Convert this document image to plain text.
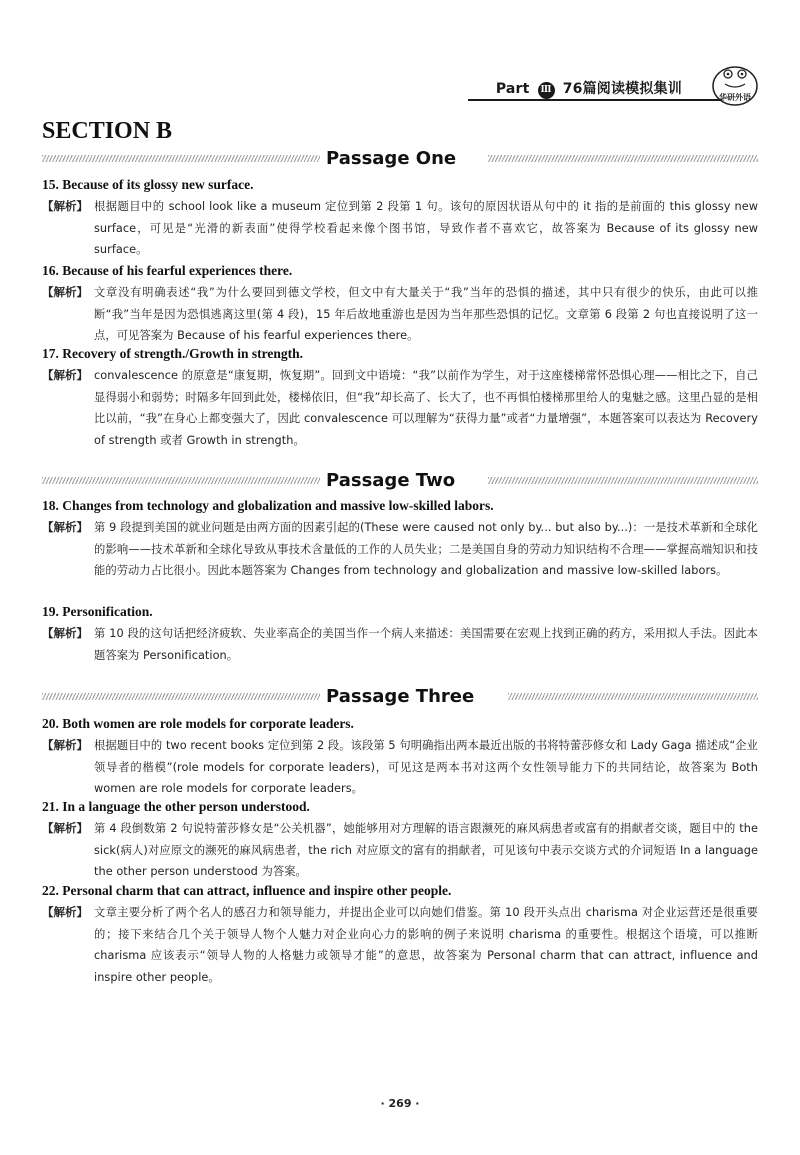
Part Ⅲ 76篇阅读模拟集训
华研外语
SECTION B
Passage One
15. Because of its glossy new surface.
【解析】 根据题目中的 school look like a museum 定位到第 2 段第 1 句。该句的原因状语从句中的 it 指的是前面的 this glossy new surface，可见是“光滑的新表面”使得学校看起来像个图书馆，导致作者不喜欢它，故答案为 Because of its glossy new surface。
16. Because of his fearful experiences there.
【解析】 文章没有明确表述“我”为什么要回到德文学校，但文中有大量关于“我”当年的恐惧的描述，其中只有很少的快乐，由此可以推断“我”当年是因为恐惧逃离这里(第 4 段)，15 年后故地重游也是因为当年那些恐惧的记忆。文章第 6 段第 2 句也直接说明了这一点，可见答案为 Because of his fearful experiences there。
17. Recovery of strength./Growth in strength.
【解析】 convalescence 的原意是“康复期，恢复期”。回到文中语境：“我”以前作为学生，对于这座楼梯常怀恐惧心理——相比之下，自己显得弱小和弱势；时隔多年回到此处，楼梯依旧，但“我”却长高了、长大了，也不再惧怕楼梯那里给人的鬼魅之感。这里凸显的是相比以前，“我”在身心上都变强大了，因此 convalescence 可以理解为“获得力量”或者“力量增强”，本题答案可以表达为 Recovery of strength 或者 Growth in strength。
Passage Two
18. Changes from technology and globalization and massive low-skilled labors.
【解析】 第 9 段提到美国的就业问题是由两方面的因素引起的(These were caused not only by... but also by...)：一是技术革新和全球化的影响——技术革新和全球化导致从事技术含量低的工作的人员失业；二是美国自身的劳动力知识结构不合理——掌握高端知识和技能的劳动力占比很小。因此本题答案为 Changes from technology and globalization and massive low-skilled labors。
19. Personification.
【解析】 第 10 段的这句话把经济疲软、失业率高企的美国当作一个病人来描述：美国需要在宏观上找到正确的药方，采用拟人手法。因此本题答案为 Personification。
Passage Three
20. Both women are role models for corporate leaders.
【解析】 根据题目中的 two recent books 定位到第 2 段。该段第 5 句明确指出两本最近出版的书将特蕾莎修女和 Lady Gaga 描述成“企业领导者的楷模”(role models for corporate leaders)，可见这是两本书对这两个女性领导能力下的共同结论，故答案为 Both women are role models for corporate leaders。
21. In a language the other person understood.
【解析】 第 4 段倒数第 2 句说特蕾莎修女是“公关机器”，她能够用对方理解的语言跟濒死的麻风病患者或富有的捐献者交谈，题目中的 the sick(病人)对应原文的濒死的麻风病患者，the rich 对应原文的富有的捐献者，可见该句中表示交谈方式的介词短语 In a language the other person understood 为答案。
22. Personal charm that can attract, influence and inspire other people.
【解析】 文章主要分析了两个名人的感召力和领导能力，并提出企业可以向她们借鉴。第 10 段开头点出 charisma 对企业运营还是很重要的；接下来结合几个关于领导人物个人魅力对企业向心力的影响的例子来说明 charisma 的重要性。根据这个语境，可以推断 charisma 应该表示“领导人物的人格魅力或领导才能”的意思，故答案为 Personal charm that can attract, influence and inspire other people。
· 269 ·
